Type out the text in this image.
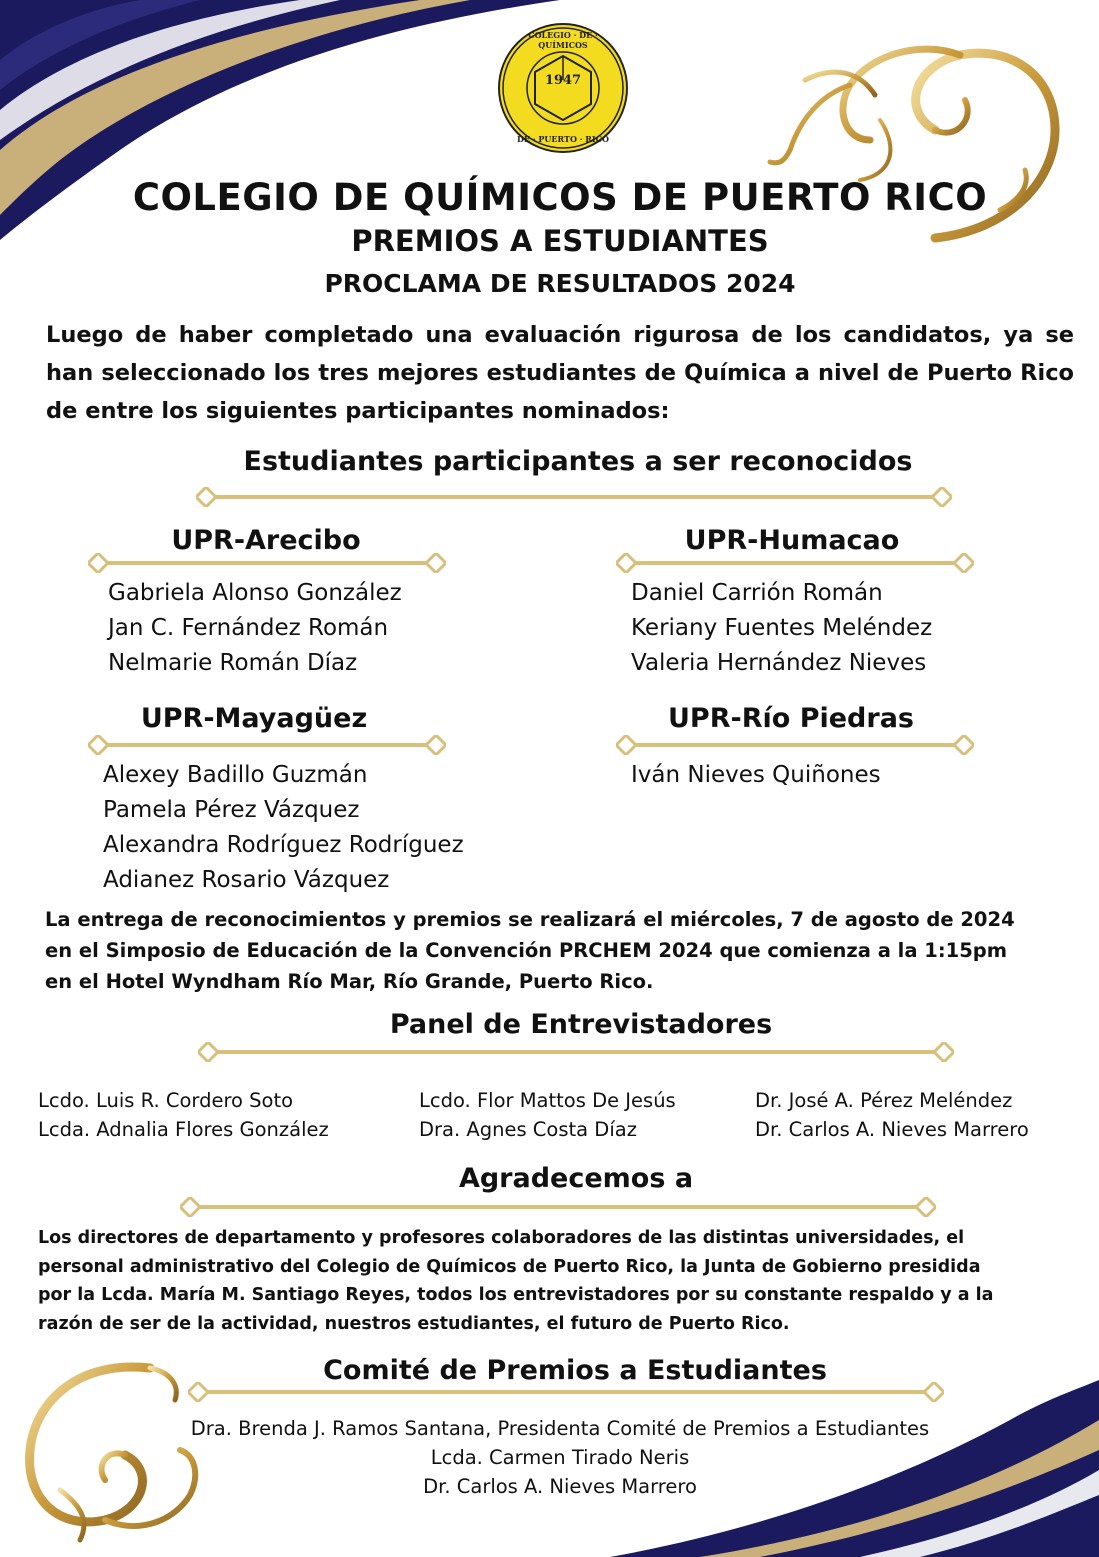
1947
COLEGIO · DE · QUÍMICOS
DE · PUERTO · RICO
COLEGIO DE QUÍMICOS DE PUERTO RICO
PREMIOS A ESTUDIANTES
PROCLAMA DE RESULTADOS 2024
Luego de haber completado una evaluación rigurosa de los candidatos, ya se han seleccionado los tres mejores estudiantes de Química a nivel de Puerto Rico de entre los siguientes participantes nominados:
Estudiantes participantes a ser reconocidos
UPR-Arecibo
Gabriela Alonso González
Jan C. Fernández Román
Nelmarie Román Díaz
UPR-Humacao
Daniel Carrión Román
Keriany Fuentes Meléndez
Valeria Hernández Nieves
UPR-Mayagüez
Alexey Badillo Guzmán
Pamela Pérez Vázquez
Alexandra Rodríguez Rodríguez
Adianez Rosario Vázquez
UPR-Río Piedras
Iván Nieves Quiñones
La entrega de reconocimientos y premios se realizará el miércoles, 7 de agosto de 2024
en el Simposio de Educación de la Convención PRCHEM 2024 que comienza a la 1:15pm
en el Hotel Wyndham Río Mar, Río Grande, Puerto Rico.
Panel de Entrevistadores
Lcdo. Luis R. Cordero Soto
Lcda. Adnalia Flores González
Lcdo. Flor Mattos De Jesús
Dra. Agnes Costa Díaz
Dr. José A. Pérez Meléndez
Dr. Carlos A. Nieves Marrero
Agradecemos a
Los directores de departamento y profesores colaboradores de las distintas universidades, el
personal administrativo del Colegio de Químicos de Puerto Rico, la Junta de Gobierno presidida
por la Lcda. María M. Santiago Reyes, todos los entrevistadores por su constante respaldo y a la
razón de ser de la actividad, nuestros estudiantes, el futuro de Puerto Rico.
Comité de Premios a Estudiantes
Dra. Brenda J. Ramos Santana, Presidenta Comité de Premios a Estudiantes
Lcda. Carmen Tirado Neris
Dr. Carlos A. Nieves Marrero
